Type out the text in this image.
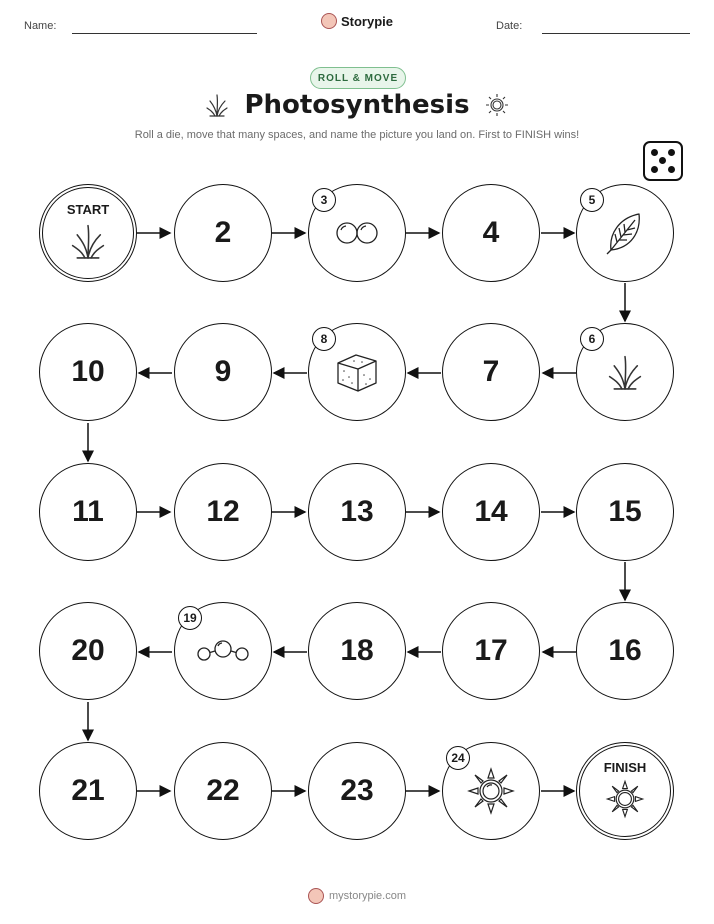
Name:	Storypie	Date:
ROLL & MOVE
Photosynthesis
Roll a die, move that many spaces, and name the picture you land on. First to FINISH wins!
START
2
3
4
5
10	9
8
7
6
11	12	13	14	15
20
19
18	17	16
21	22	23
24
FINISH
mystorypie.com
